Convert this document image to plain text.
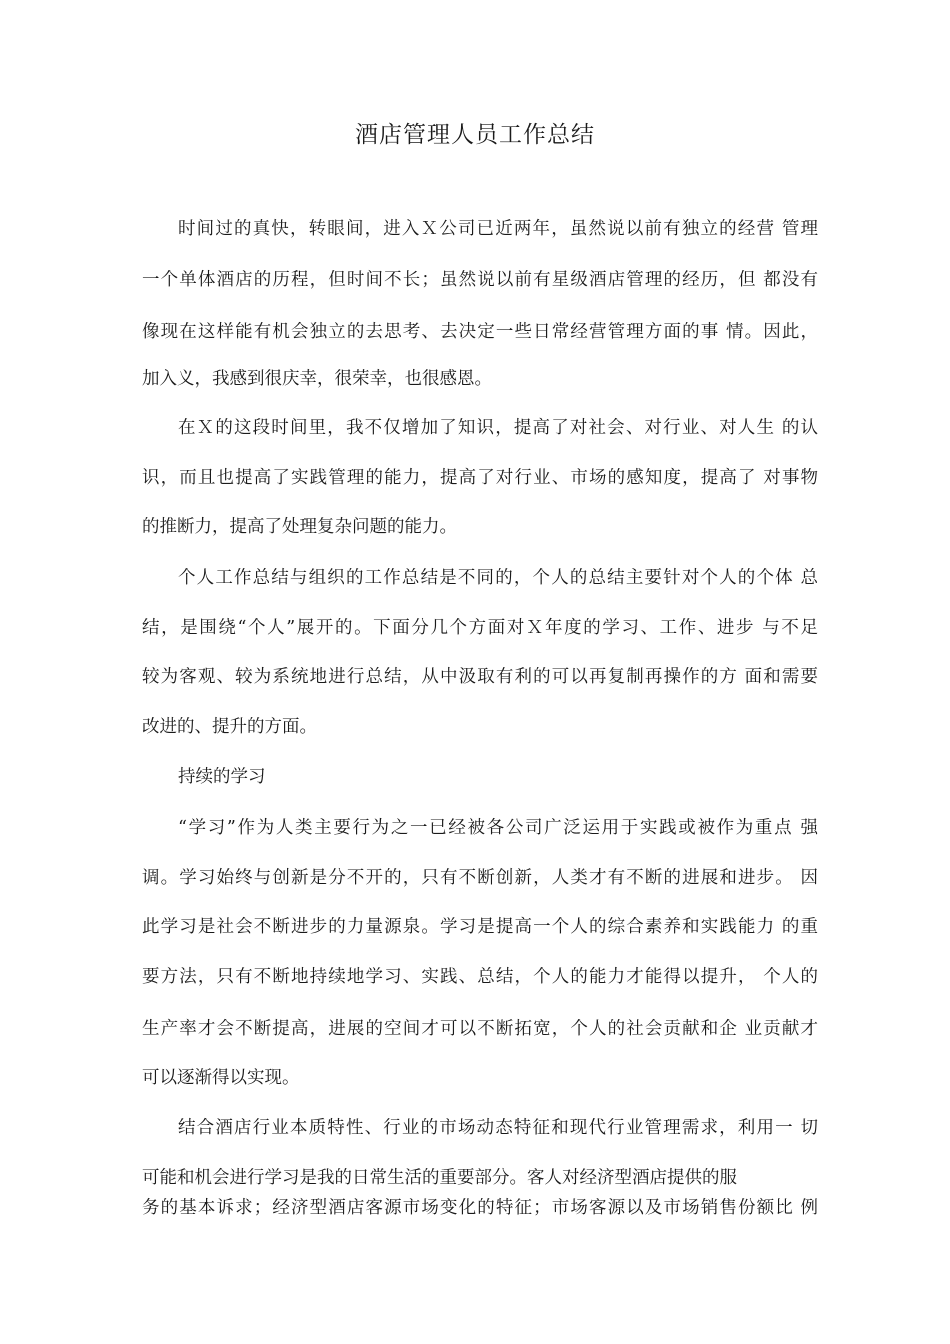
酒店管理人员工作总结
时间过的真快，转眼间，进入Ｘ公司已近两年，虽然说以前有独立的经营 管理
一个单体酒店的历程，但时间不长；虽然说以前有星级酒店管理的经历，但 都没有
像现在这样能有机会独立的去思考、去决定一些日常经营管理方面的事 情。因此，
加入义，我感到很庆幸，很荣幸，也很感恩。
在Ｘ的这段时间里，我不仅增加了知识，提高了对社会、对行业、对人生 的认
识，而且也提高了实践管理的能力，提高了对行业、市场的感知度，提高了 对事物
的推断力，提高了处理复杂问题的能力。
个人工作总结与组织的工作总结是不同的，个人的总结主要针对个人的个体 总
结，是围绕“个人”展开的。下面分几个方面对Ｘ年度的学习、工作、进步 与不足
较为客观、较为系统地进行总结，从中汲取有利的可以再复制再操作的方 面和需要
改进的、提升的方面。
持续的学习
“学习”作为人类主要行为之一已经被各公司广泛运用于实践或被作为重点 强
调。学习始终与创新是分不开的，只有不断创新，人类才有不断的进展和进步。 因
此学习是社会不断进步的力量源泉。学习是提高一个人的综合素养和实践能力 的重
要方法，只有不断地持续地学习、实践、总结，个人的能力才能得以提升， 个人的
生产率才会不断提高，进展的空间才可以不断拓宽，个人的社会贡献和企 业贡献才
可以逐渐得以实现。
结合酒店行业本质特性、行业的市场动态特征和现代行业管理需求，利用一 切
可能和机会进行学习是我的日常生活的重要部分。客人对经济型酒店提供的服
务的基本诉求；经济型酒店客源市场变化的特征；市场客源以及市场销售份额比 例
